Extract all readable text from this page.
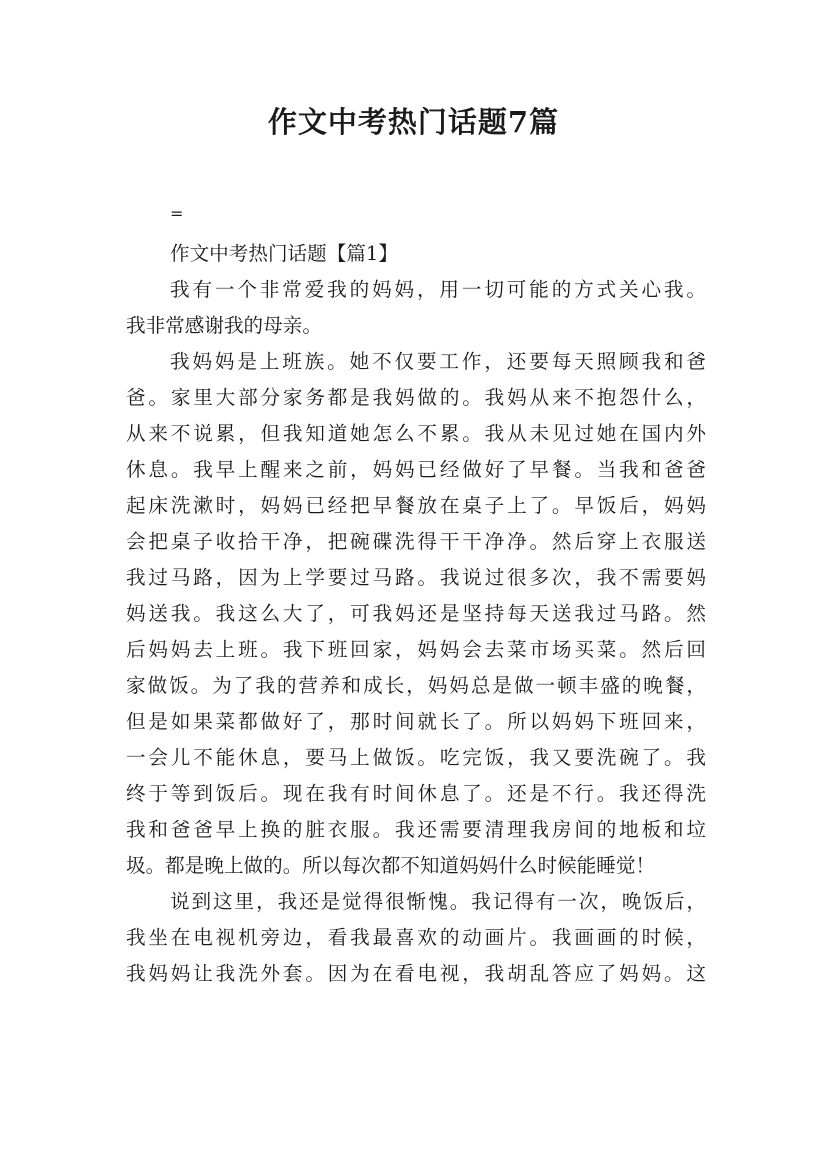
作文中考热门话题7篇

=

作文中考热门话题【篇1】

我有一个非常爱我的妈妈，用一切可能的方式关心我。

我非常感谢我的母亲。

我妈妈是上班族。她不仅要工作，还要每天照顾我和爸

爸。家里大部分家务都是我妈做的。我妈从来不抱怨什么，

从来不说累，但我知道她怎么不累。我从未见过她在国内外

休息。我早上醒来之前，妈妈已经做好了早餐。当我和爸爸

起床洗漱时，妈妈已经把早餐放在桌子上了。早饭后，妈妈

会把桌子收拾干净，把碗碟洗得干干净净。然后穿上衣服送

我过马路，因为上学要过马路。我说过很多次，我不需要妈

妈送我。我这么大了，可我妈还是坚持每天送我过马路。然

后妈妈去上班。我下班回家，妈妈会去菜市场买菜。然后回

家做饭。为了我的营养和成长，妈妈总是做一顿丰盛的晚餐，

但是如果菜都做好了，那时间就长了。所以妈妈下班回来，

一会儿不能休息，要马上做饭。吃完饭，我又要洗碗了。我

终于等到饭后。现在我有时间休息了。还是不行。我还得洗

我和爸爸早上换的脏衣服。我还需要清理我房间的地板和垃

圾。都是晚上做的。所以每次都不知道妈妈什么时候能睡觉！

说到这里，我还是觉得很惭愧。我记得有一次，晚饭后，

我坐在电视机旁边，看我最喜欢的动画片。我画画的时候，

我妈妈让我洗外套。因为在看电视，我胡乱答应了妈妈。这
